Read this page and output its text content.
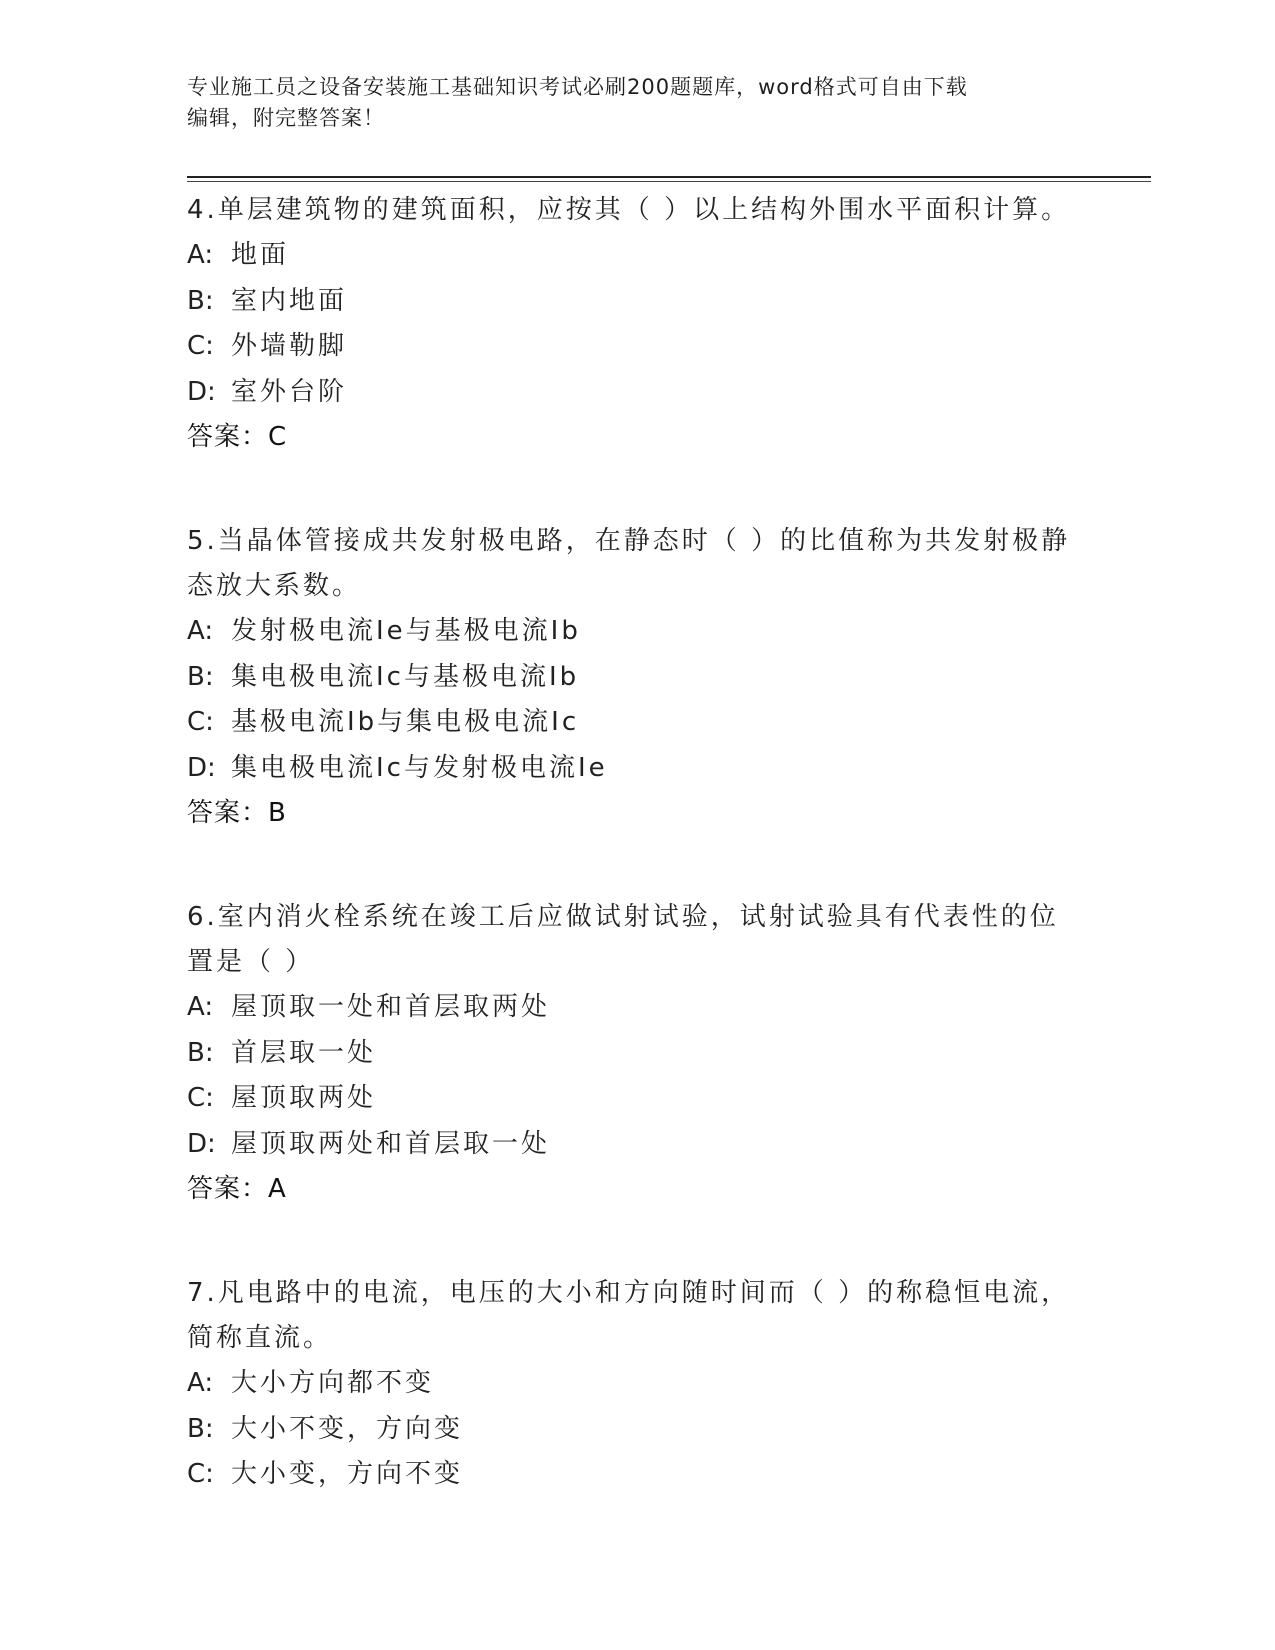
专业施工员之设备安装施工基础知识考试必刷200题题库，word格式可自由下载
编辑，附完整答案！
4.单层建筑物的建筑面积，应按其（ ）以上结构外围水平面积计算。
A: 地面
B: 室内地面
C: 外墙勒脚
D: 室外台阶
答案：C
5.当晶体管接成共发射极电路，在静态时（ ）的比值称为共发射极静
态放大系数。
A: 发射极电流Ie与基极电流Ib
B: 集电极电流Ic与基极电流Ib
C: 基极电流Ib与集电极电流Ic
D: 集电极电流Ic与发射极电流Ie
答案：B
6.室内消火栓系统在竣工后应做试射试验，试射试验具有代表性的位
置是（ ）
A: 屋顶取一处和首层取两处
B: 首层取一处
C: 屋顶取两处
D: 屋顶取两处和首层取一处
答案：A
7.凡电路中的电流，电压的大小和方向随时间而（ ）的称稳恒电流，
简称直流。
A: 大小方向都不变
B: 大小不变，方向变
C: 大小变，方向不变
